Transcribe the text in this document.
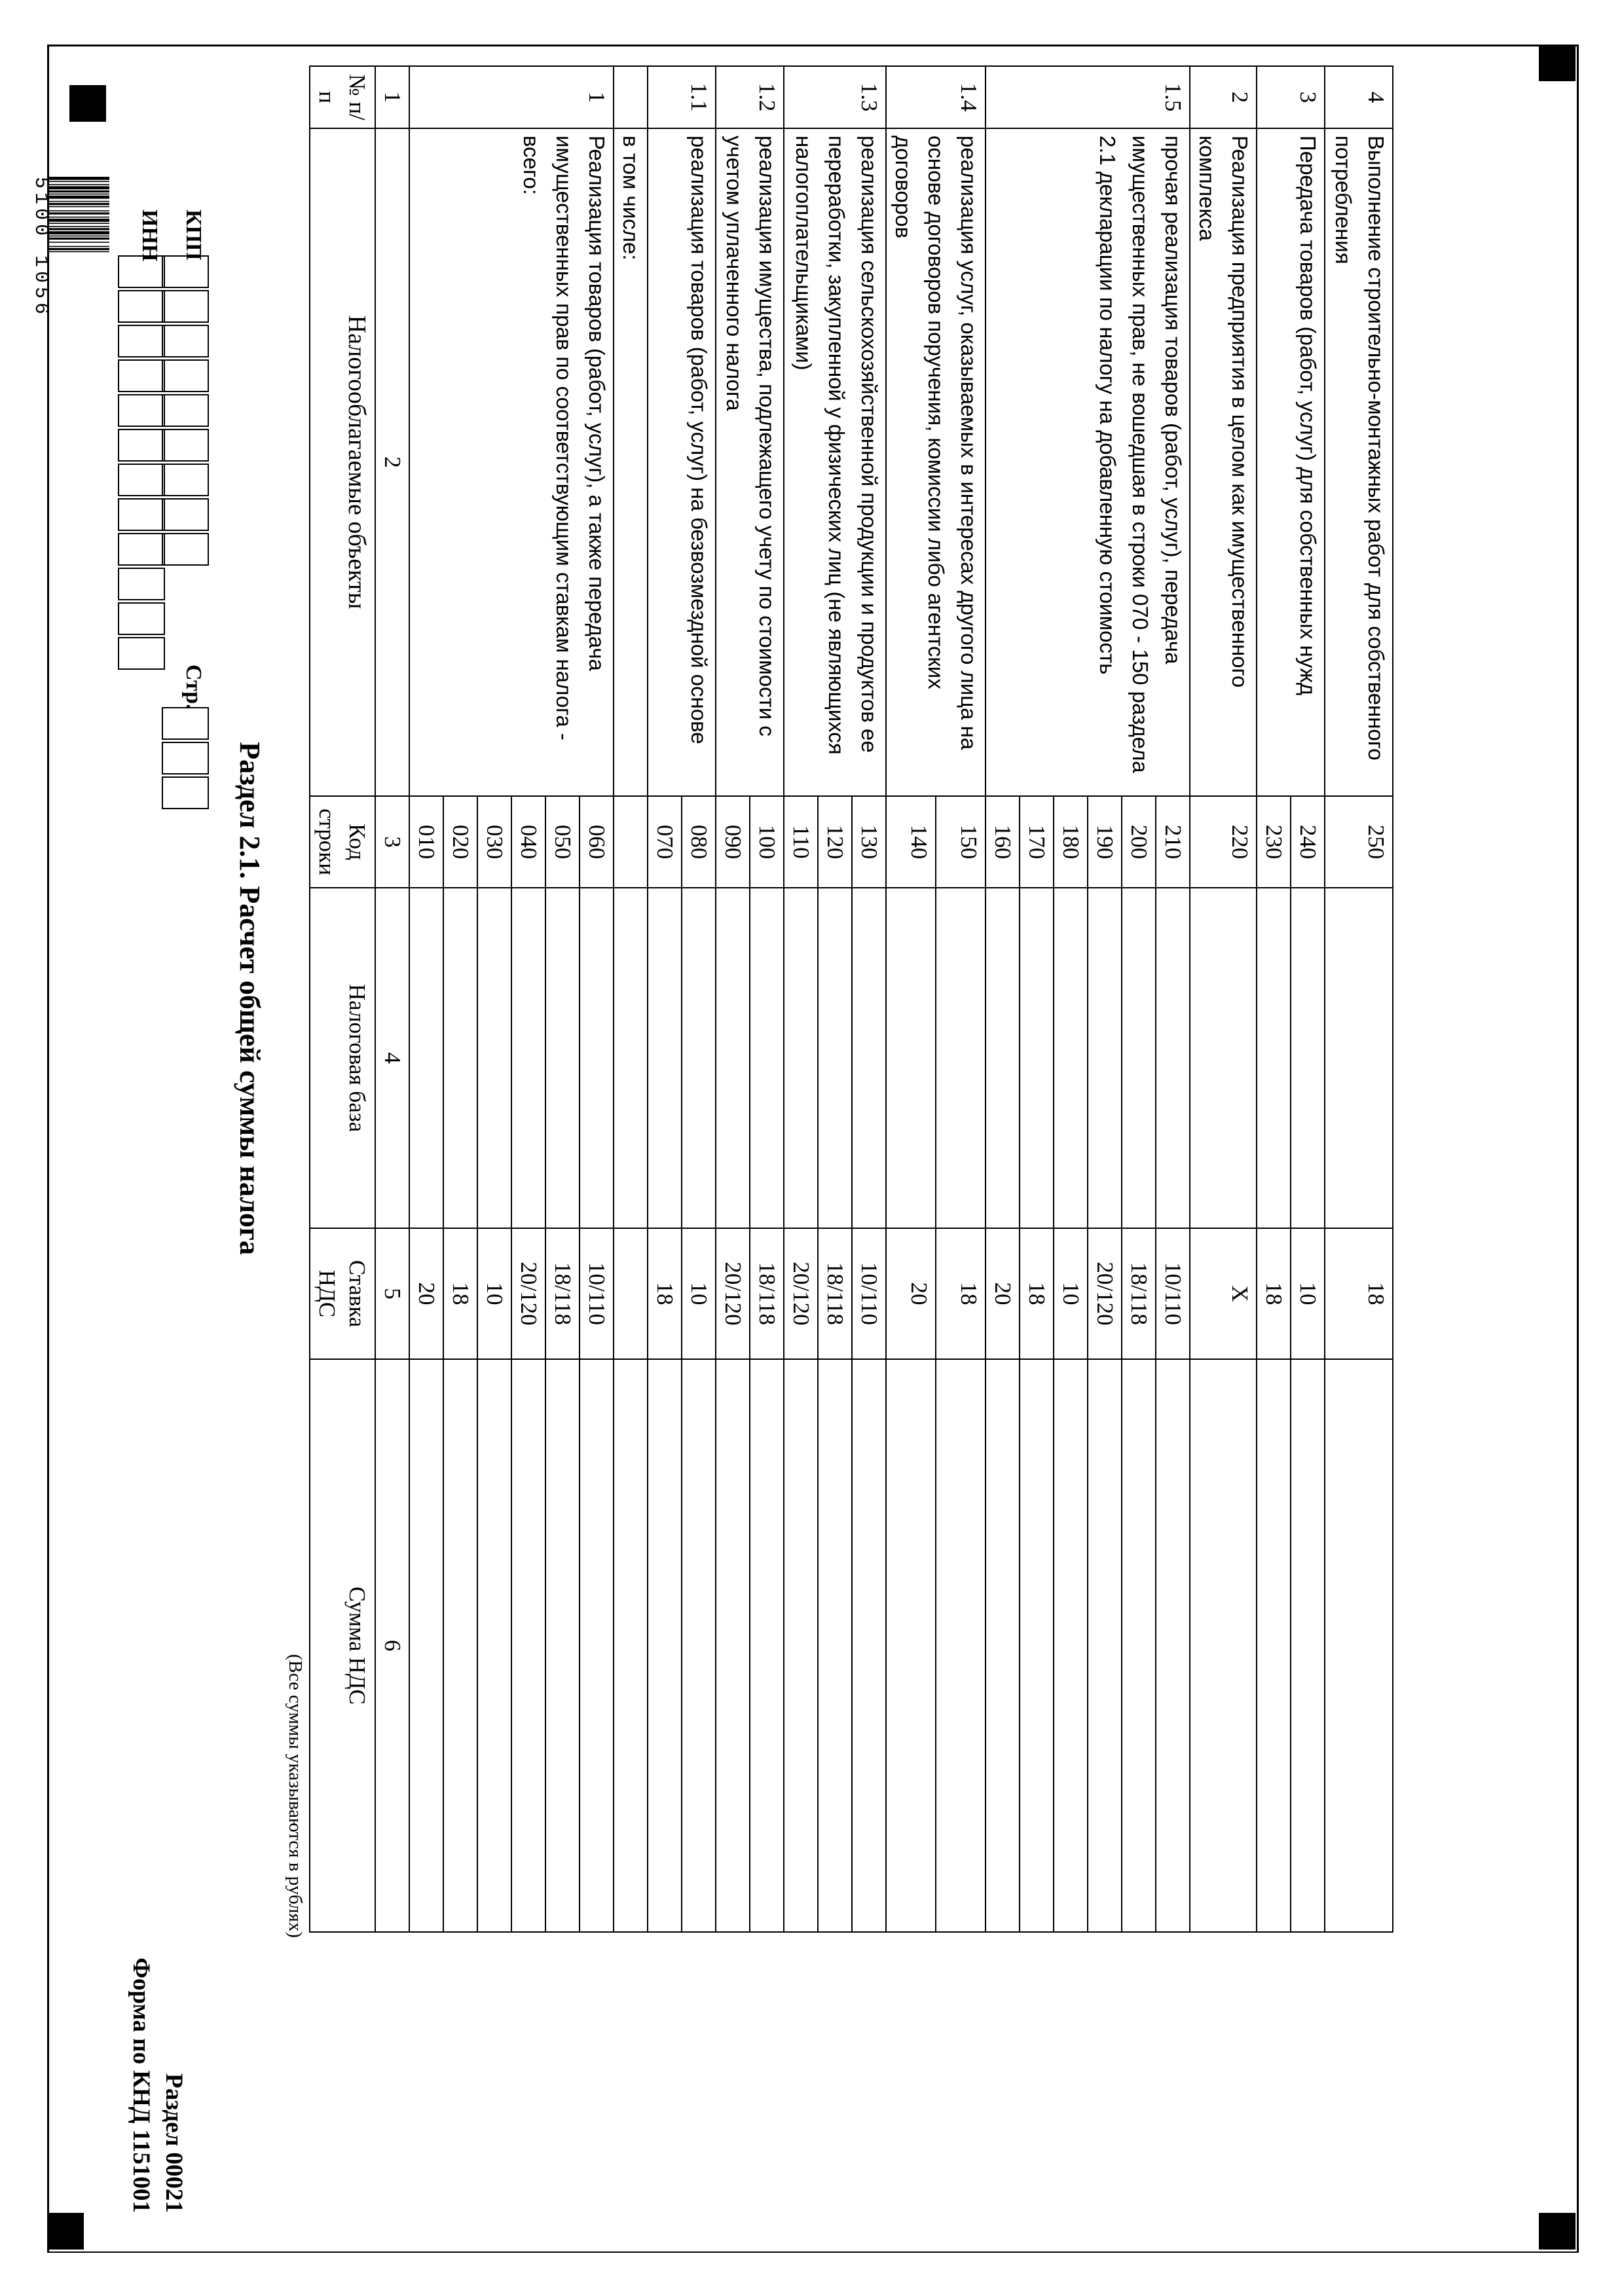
5100 1056	ИНН КПП
Стр.
Форма по КНД 1151001 Раздел 00021
Раздел 2.1. Расчет общей суммы налога
(Все суммы указываются в рублях)
№ п/п	Налогооблагаемые объекты	Код строки	Налоговая база	Ставка НДС	Сумма НДС
1	2	3	4	5	6
1	Реализация товаров (работ, услуг), а также передача имущественных прав по соответствующим ставкам налога - всего:	010		20	
		020		18	
		030		10	
		040		20/120	
		050		18/118	
		060		10/110	
	в том числе:				
1.1	реализация товаров (работ, услуг) на безвозмездной основе	070		18	
		080		10	
1.2	реализация имущества, подлежащего учету по стоимости с учетом уплаченного налога	090		20/120	
		100		18/118	
1.3	реализация сельскохозяйственной продукции и продуктов ее переработки, закупленной у физических лиц (не являющихся налогоплательщиками)	110		20/120	
		120		18/118	
		130		10/110	
1.4	реализация услуг, оказываемых в интересах другого лица на основе договоров поручения, комиссии либо агентских договоров	140		20	
		150		18	
1.5	прочая реализация товаров (работ, услуг), передача имущественных прав, не вошедшая в строки 070 - 150 раздела 2.1 декларации по налогу на добавленную стоимость	160		20	
		170		18	
		180		10	
		190		20/120	
		200		18/118	
		210		10/110	
2	Реализация предприятия в целом как имущественного комплекса	220		X	
3	Передача товаров (работ, услуг) для собственных нужд	230		18	
		240		10	
4	Выполнение строительно-монтажных работ для собственного потребления	250		18	
